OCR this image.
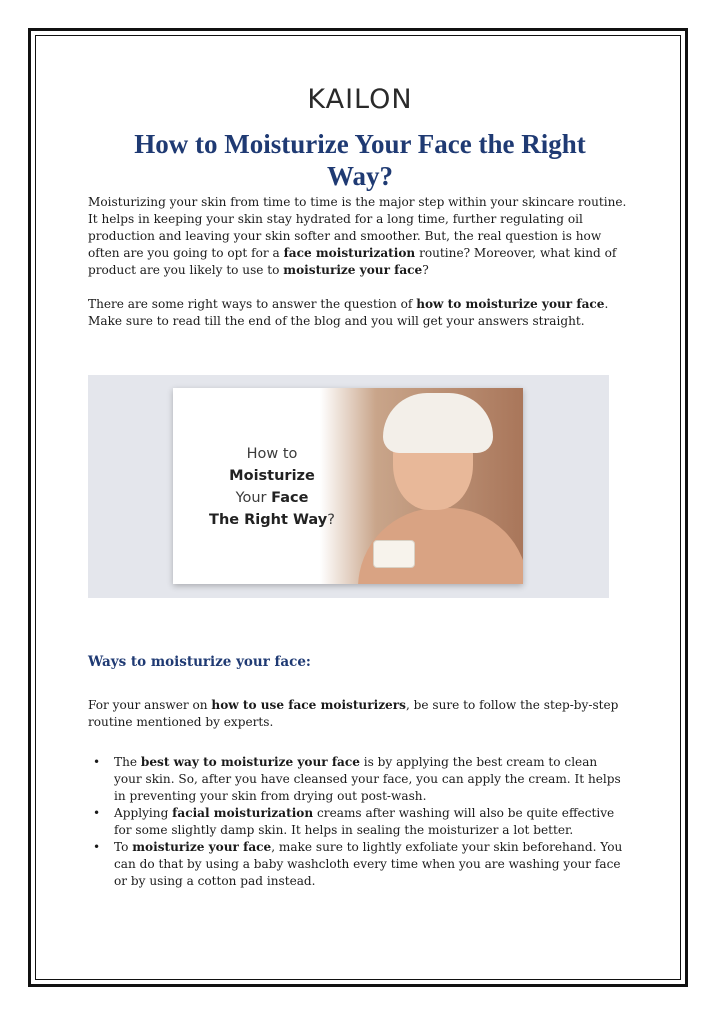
KAILON
How to Moisturize Your Face the Right Way?

Moisturizing your skin from time to time is the major step within your skincare routine. It helps in keeping your skin stay hydrated for a long time, further regulating oil production and leaving your skin softer and smoother. But, the real question is how often are you going to opt for a face moisturization routine? Moreover, what kind of product are you likely to use to moisturize your face?

There are some right ways to answer the question of how to moisturize your face. Make sure to read till the end of the blog and you will get your answers straight.

How to
Moisturize
Your Face
The Right Way?
Ways to moisturize your face:

For your answer on how to use face moisturizers, be sure to follow the step-by-step routine mentioned by experts.

• The best way to moisturize your face is by applying the best cream to clean your skin. So, after you have cleansed your face, you can apply the cream. It helps in preventing your skin from drying out post-wash.
• Applying facial moisturization creams after washing will also be quite effective for some slightly damp skin. It helps in sealing the moisturizer a lot better.
• To moisturize your face, make sure to lightly exfoliate your skin beforehand. You can do that by using a baby washcloth every time when you are washing your face or by using a cotton pad instead.
